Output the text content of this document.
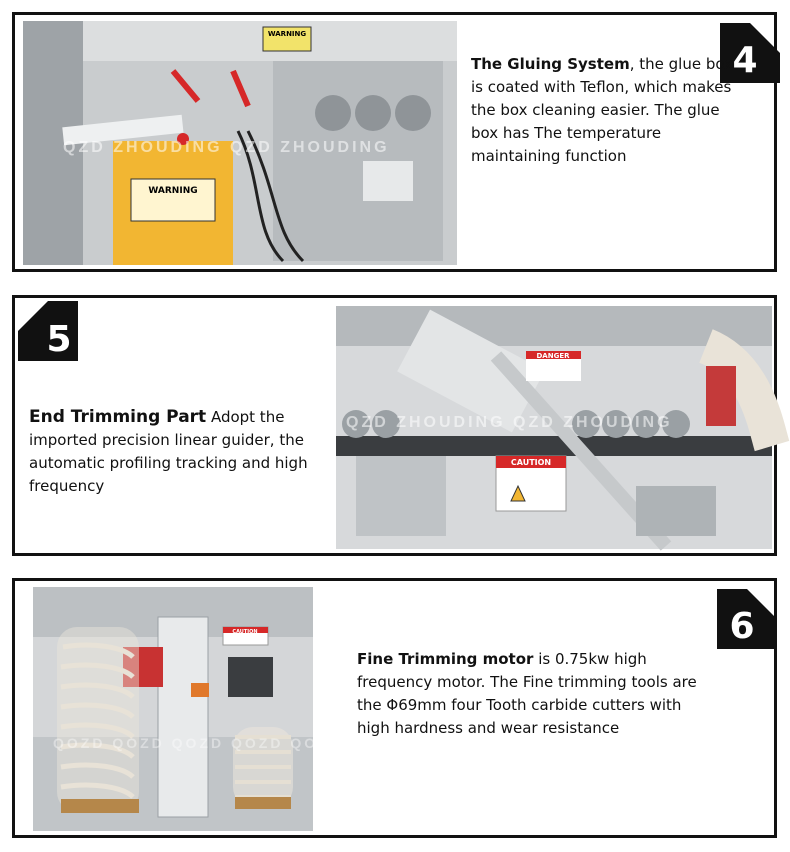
WARNING
WARNING
QZD ZHOUDING QZD ZHOUDING
4
The Gluing System, the glue box is coated with Teflon, which makes the box cleaning easier. The glue box has The temperature maintaining function
5
End Trimming Part Adopt the imported precision linear guider, the automatic profiling tracking and high frequency
DANGER
CAUTION
QZD ZHOUDING QZD ZHOUDING
CAUTION
QOZD QOZD QOZD QOZD QOZD QOZD QOZD
6
Fine Trimming motor is 0.75kw high frequency motor. The Fine trimming tools are the Φ69mm four Tooth carbide cutters with high hardness and wear resistance
